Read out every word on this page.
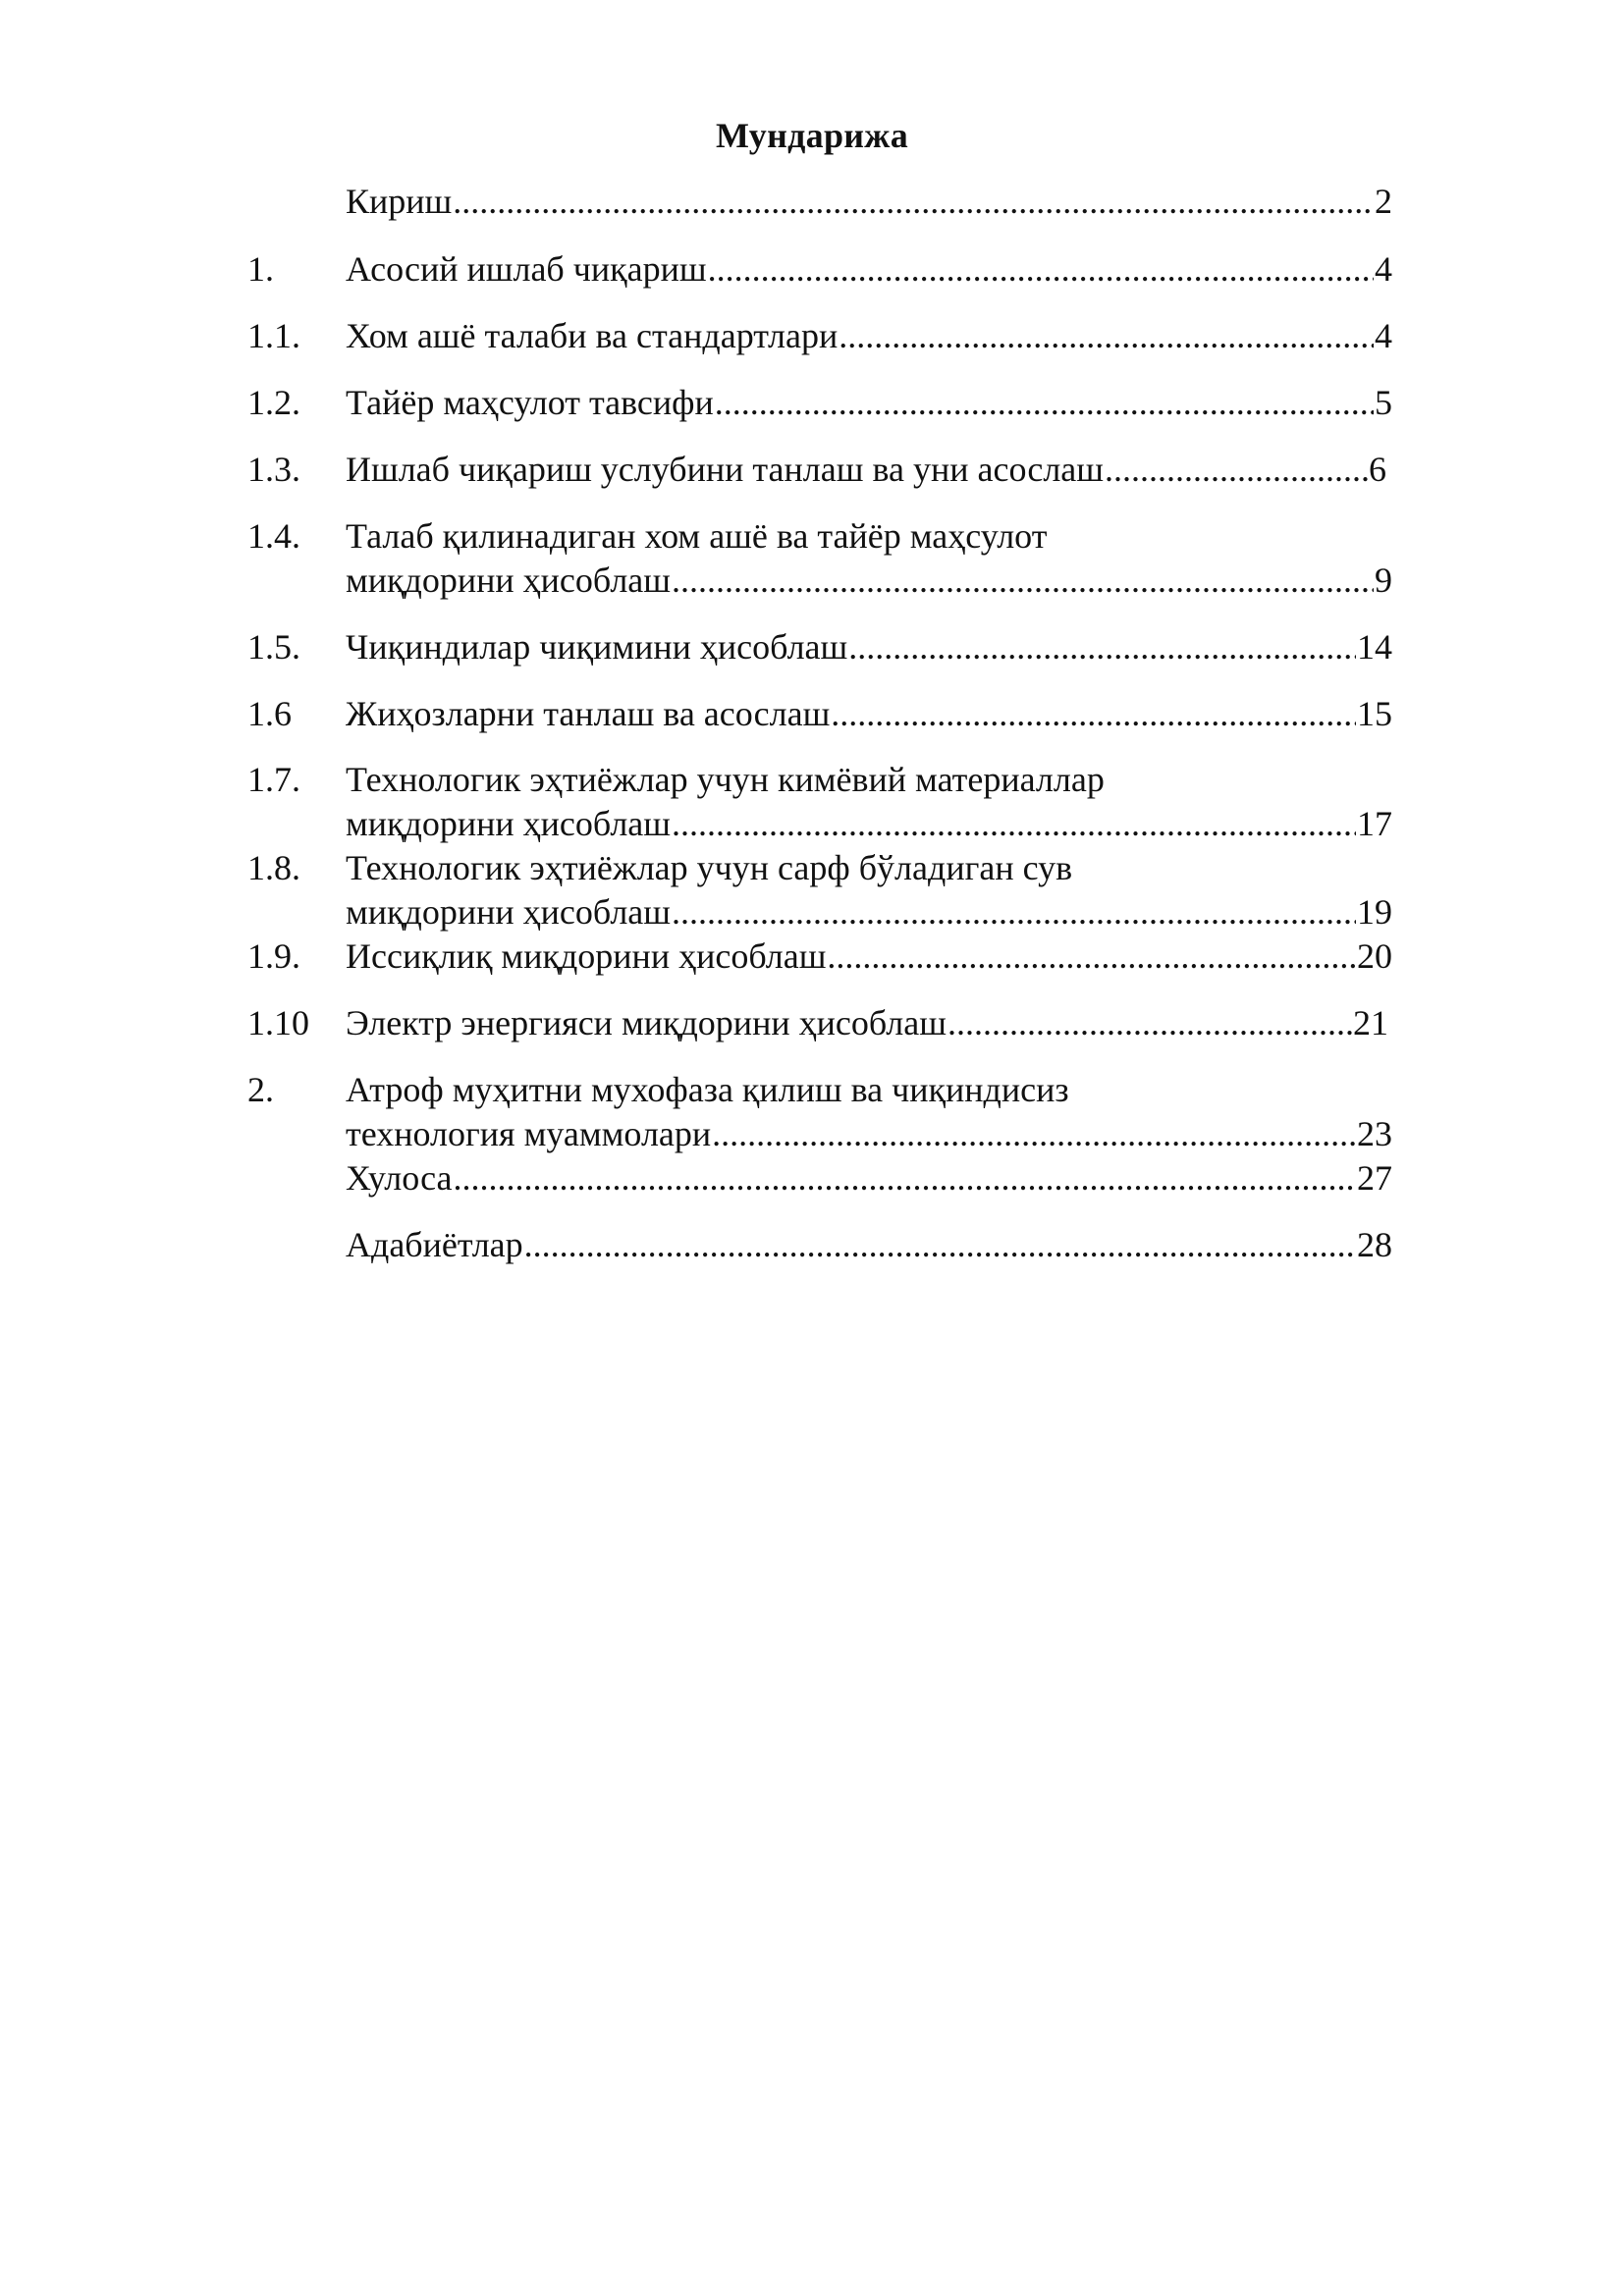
Мундарижа
Кириш .....	2
1. Асосий ишлаб чиқариш .....	4
1.1. Хом ашё талаби ва стандартлари .....	4
1.2. Тайёр маҳсулот тавсифи .....	5
1.3. Ишлаб чиқариш услубини танлаш ва уни асослаш .....	6
1.4. Талаб қилинадиган хом ашё ва тайёр маҳсулот
миқдорини ҳисоблаш .....	9
1.5. Чиқиндилар чиқимини ҳисоблаш .....	14
1.6 Жиҳозларни танлаш ва асослаш .....	15
1.7. Технологик эҳтиёжлар учун кимёвий материаллар
миқдорини ҳисоблаш .....	17
1.8. Технологик эҳтиёжлар учун сарф бўладиган сув
миқдорини ҳисоблаш .....	19
1.9. Иссиқлиқ миқдорини ҳисоблаш .....	20
1.10 Электр энергияси миқдорини ҳисоблаш .....	21
2. Атроф муҳитни мухофаза қилиш ва чиқиндисиз
технология муаммолари .....	23
Хулоса .....	27
Адабиётлар .....	28
